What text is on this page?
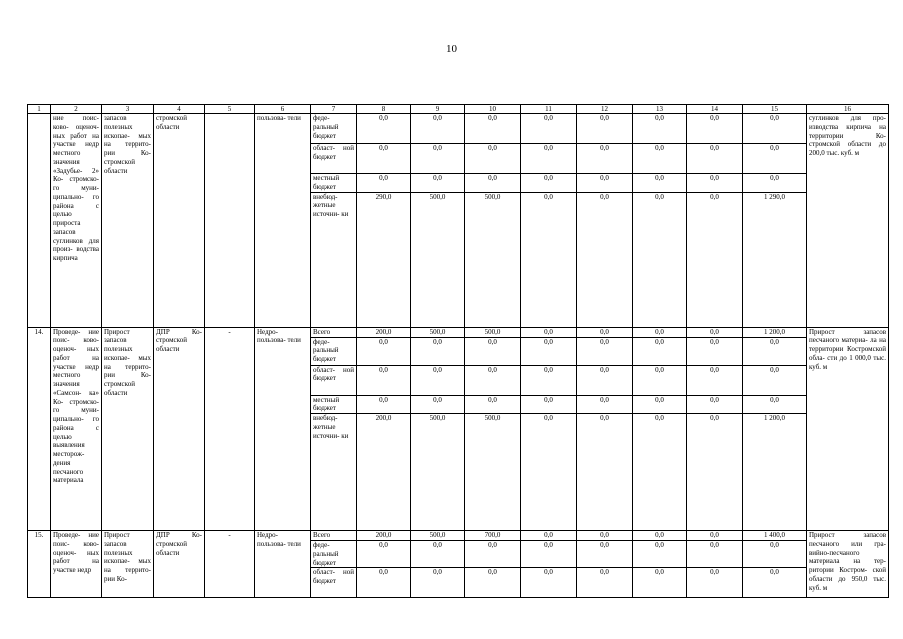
10
1	2	3	4	5	6	7	8	9	10	11	12	13	14	15	16
	ние поис- ково- оценоч- ных работ на участке недр местного значения «Задубье- 2» Ко- стромско- го муни- ципально- го района с целью прироста запасов суглинков для произ- водства кирпича	запасов полезных ископае- мых на террито- рии Ко- стромской области	стромской области		пользова- тели	феде- ральный бюджет	0,0	0,0	0,0	0,0	0,0	0,0	0,0	0,0	суглинков для про- изводства кирпича на территории Ко- стромской области до 200,0 тыс. куб. м
						област- ной бюджет	0,0	0,0	0,0	0,0	0,0	0,0	0,0	0,0	
						местный бюджет	0,0	0,0	0,0	0,0	0,0	0,0	0,0	0,0	
						внебюд- жетные источни- ки	290,0	500,0	500,0	0,0	0,0	0,0	0,0	1 290,0	
14.	Проведе- ние поис- ково- оценоч- ных работ на участке недр местного значения «Самсон- ка» Ко- стромско- го муни- ципально- го района с целью выявления месторож- дения песчаного материала	Прирост запасов полезных ископае- мых на террито- рии Ко- стромской области	ДПР Ко- стромской области	-	Недро- пользова- тели	Всего	200,0	500,0	500,0	0,0	0,0	0,0	0,0	1 200,0	Прирост запасов песчаного материа- ла на территории Костромской обла- сти до 1 000,0 тыс. куб. м
						феде- ральный бюджет	0,0	0,0	0,0	0,0	0,0	0,0	0,0	0,0	
						област- ной бюджет	0,0	0,0	0,0	0,0	0,0	0,0	0,0	0,0	
						местный бюджет	0,0	0,0	0,0	0,0	0,0	0,0	0,0	0,0	
						внебюд- жетные источни- ки	200,0	500,0	500,0	0,0	0,0	0,0	0,0	1 200,0	
15.	Проведе- ние поис- ково- оценоч- ных работ на участке недр	Прирост запасов полезных ископае- мых на террито- рии Ко-	ДПР Ко- стромской области	-	Недро- пользова- тели	Всего	200,0	500,0	700,0	0,0	0,0	0,0	0,0	1 400,0	Прирост запасов песчаного или гра- вийно-песчаного материала на тер- ритории Костром- ской области до 950,0 тыс. куб. м
						феде- ральный бюджет	0,0	0,0	0,0	0,0	0,0	0,0	0,0	0,0	
						област- ной бюджет	0,0	0,0	0,0	0,0	0,0	0,0	0,0	0,0	
